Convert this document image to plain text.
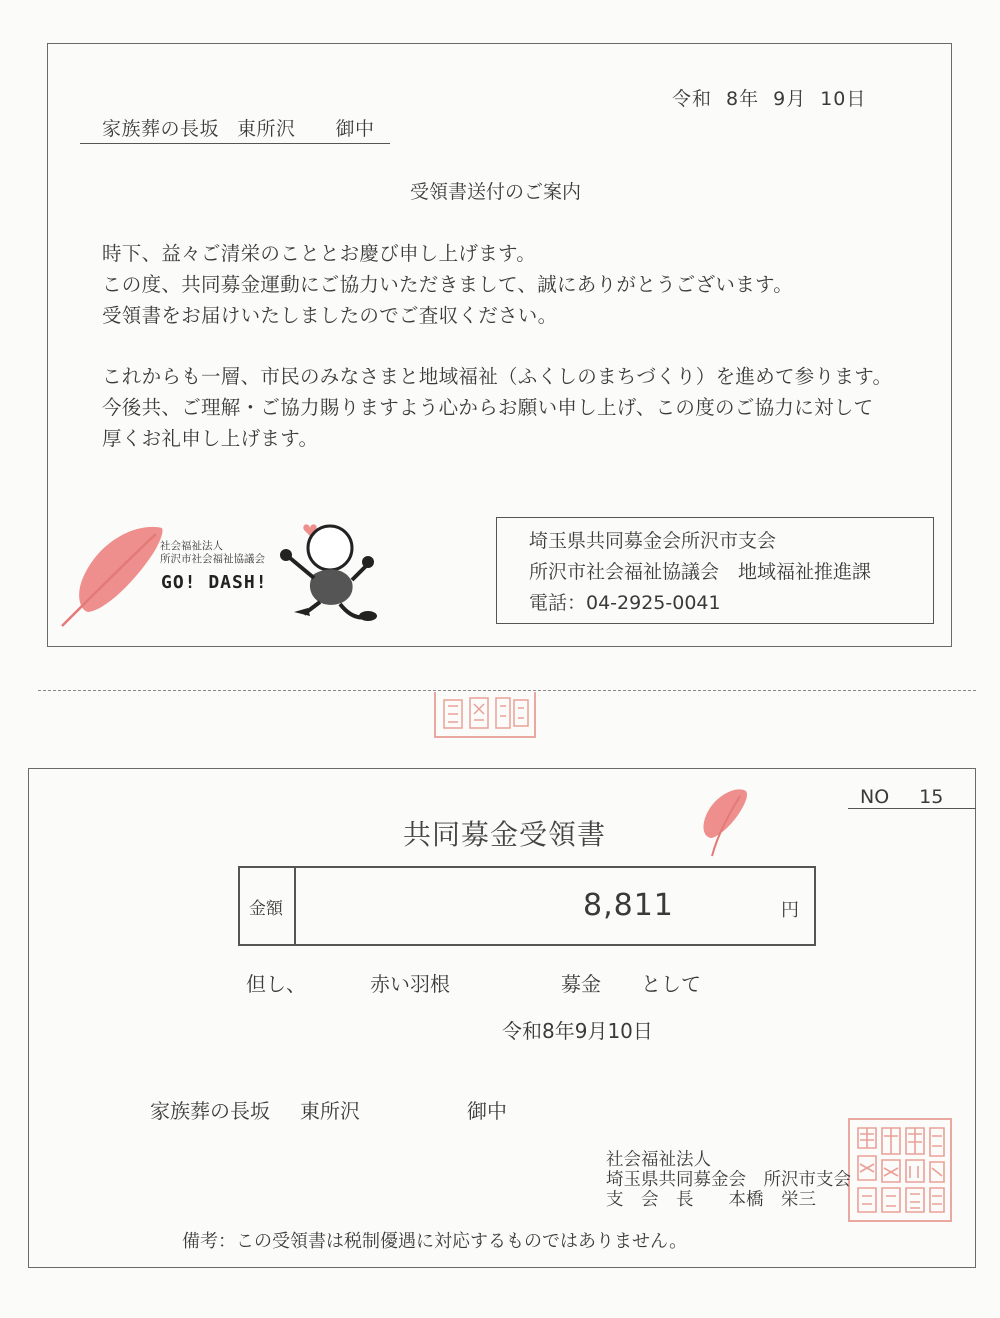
令和 8年 9月 10日
家族葬の長坂 東所沢 御中
受領書送付のご案内

時下、益々ご清栄のこととお慶び申し上げます。

この度、共同募金運動にご協力いただきまして、誠にありがとうございます。

受領書をお届けいたしましたのでご査収ください。

これからも一層、市民のみなさまと地域福祉（ふくしのまちづくり）を進めて参ります。

今後共、ご理解・ご協力賜りますよう心からお願い申し上げ、この度のご協力に対して

厚くお礼申し上げます。

社会福祉法人
所沢市社会福祉協議会
GO! DASH!
埼玉県共同募金会所沢市支会
所沢市社会福祉協議会　地域福祉推進課
電話：04-2925-0041
NO 15
共同募金受領書
金額	8,811	円
但し、	赤い羽根	募金 として
令和8年9月10日
家族葬の長坂 東所沢	御中
社会福祉法人
埼玉県共同募金会　所沢市支会
支　会　長　　本橋　栄三
備考：この受領書は税制優遇に対応するものではありません。
